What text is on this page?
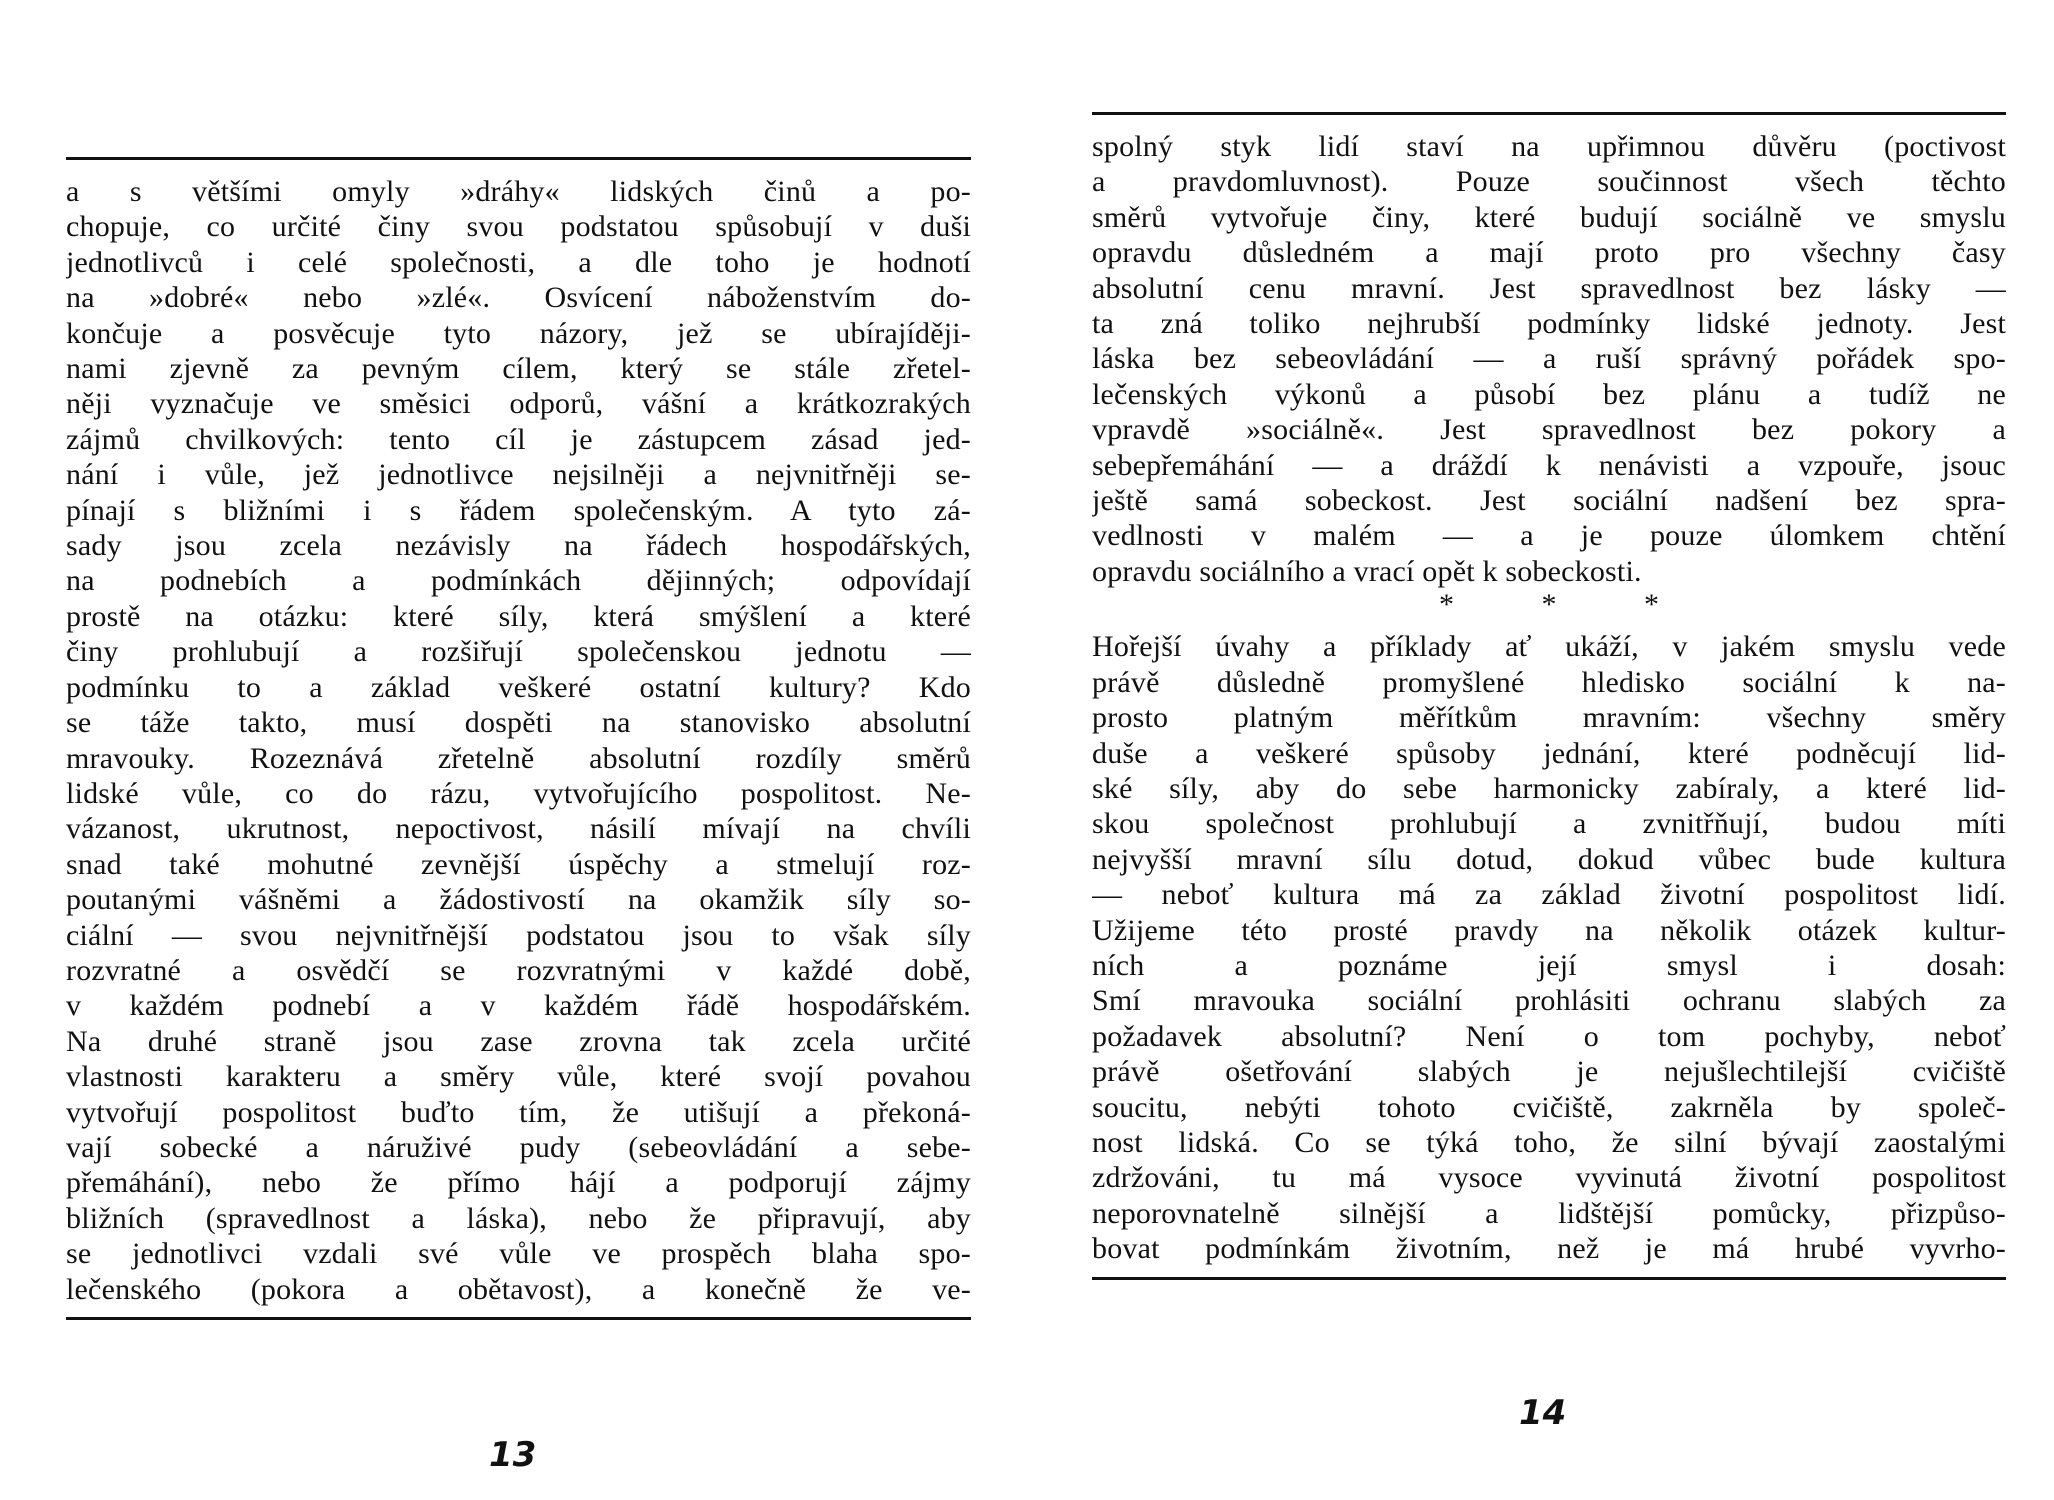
a s většími omyly »dráhy« lidských činů a po-
chopuje, co určité činy svou podstatou spůsobují v duši
jednotlivců i celé společnosti, a dle toho je hodnotí
na »dobré« nebo »zlé«. Osvícení náboženstvím do-
končuje a posvěcuje tyto názory, jež se ubírajíději-
nami zjevně za pevným cílem, který se stále zřetel-
něji vyznačuje ve směsici odporů, vášní a krátkozrakých
zájmů chvilkových: tento cíl je zástupcem zásad jed-
nání i vůle, jež jednotlivce nejsilněji a nejvnitřněji se-
pínají s bližními i s řádem společenským. A tyto zá-
sady jsou zcela nezávisly na řádech hospodářských,
na podnebích a podmínkách dějinných; odpovídají
prostě na otázku: které síly, která smýšlení a které
činy prohlubují a rozšiřují společenskou jednotu —
podmínku to a základ veškeré ostatní kultury? Kdo
se táže takto, musí dospěti na stanovisko absolutní
mravouky. Rozeznává zřetelně absolutní rozdíly směrů
lidské vůle, co do rázu, vytvořujícího pospolitost. Ne-
vázanost, ukrutnost, nepoctivost, násilí mívají na chvíli
snad také mohutné zevnější úspěchy a stmelují roz-
poutanými vášněmi a žádostivostí na okamžik síly so-
ciální — svou nejvnitřnější podstatou jsou to však síly
rozvratné a osvědčí se rozvratnými v každé době,
v každém podnebí a v každém řádě hospodářském.
Na druhé straně jsou zase zrovna tak zcela určité
vlastnosti karakteru a směry vůle, které svojí povahou
vytvořují pospolitost buďto tím, že utišují a překoná-
vají sobecké a náruživé pudy (sebeovládání a sebe-
přemáhání), nebo že přímo hájí a podporují zájmy
bližních (spravedlnost a láska), nebo že připravují, aby
se jednotlivci vzdali své vůle ve prospěch blaha spo-
lečenského (pokora a obětavost), a konečně že ve-
13
spolný styk lidí staví na upřimnou důvěru (poctivost
a pravdomluvnost). Pouze součinnost všech těchto
směrů vytvořuje činy, které budují sociálně ve smyslu
opravdu důsledném a mají proto pro všechny časy
absolutní cenu mravní. Jest spravedlnost bez lásky —
ta zná toliko nejhrubší podmínky lidské jednoty. Jest
láska bez sebeovládání — a ruší správný pořádek spo-
lečenských výkonů a působí bez plánu a tudíž ne
vpravdě »sociálně«. Jest spravedlnost bez pokory a
sebepřemáhání — a dráždí k nenávisti a vzpouře, jsouc
ještě samá sobeckost. Jest sociální nadšení bez spra-
vedlnosti v malém — a je pouze úlomkem chtění
opravdu sociálního a vrací opět k sobeckosti.
* * *
Hořejší úvahy a příklady ať ukáží, v jakém smyslu vede
právě důsledně promyšlené hledisko sociální k na-
prosto platným měřítkům mravním: všechny směry
duše a veškeré spůsoby jednání, které podněcují lid-
ské síly, aby do sebe harmonicky zabíraly, a které lid-
skou společnost prohlubují a zvnitřňují, budou míti
nejvyšší mravní sílu dotud, dokud vůbec bude kultura
— neboť kultura má za základ životní pospolitost lidí.
Užijeme této prosté pravdy na několik otázek kultur-
ních a poznáme její smysl i dosah:
Smí mravouka sociální prohlásiti ochranu slabých za
požadavek absolutní? Není o tom pochyby, neboť
právě ošetřování slabých je nejušlechtilejší cvičiště
soucitu, nebýti tohoto cvičiště, zakrněla by společ-
nost lidská. Co se týká toho, že silní bývají zaostalými
zdržováni, tu má vysoce vyvinutá životní pospolitost
neporovnatelně silnější a lidštější pomůcky, přizpůso-
bovat podmínkám životním, než je má hrubé vyvrho-
14
